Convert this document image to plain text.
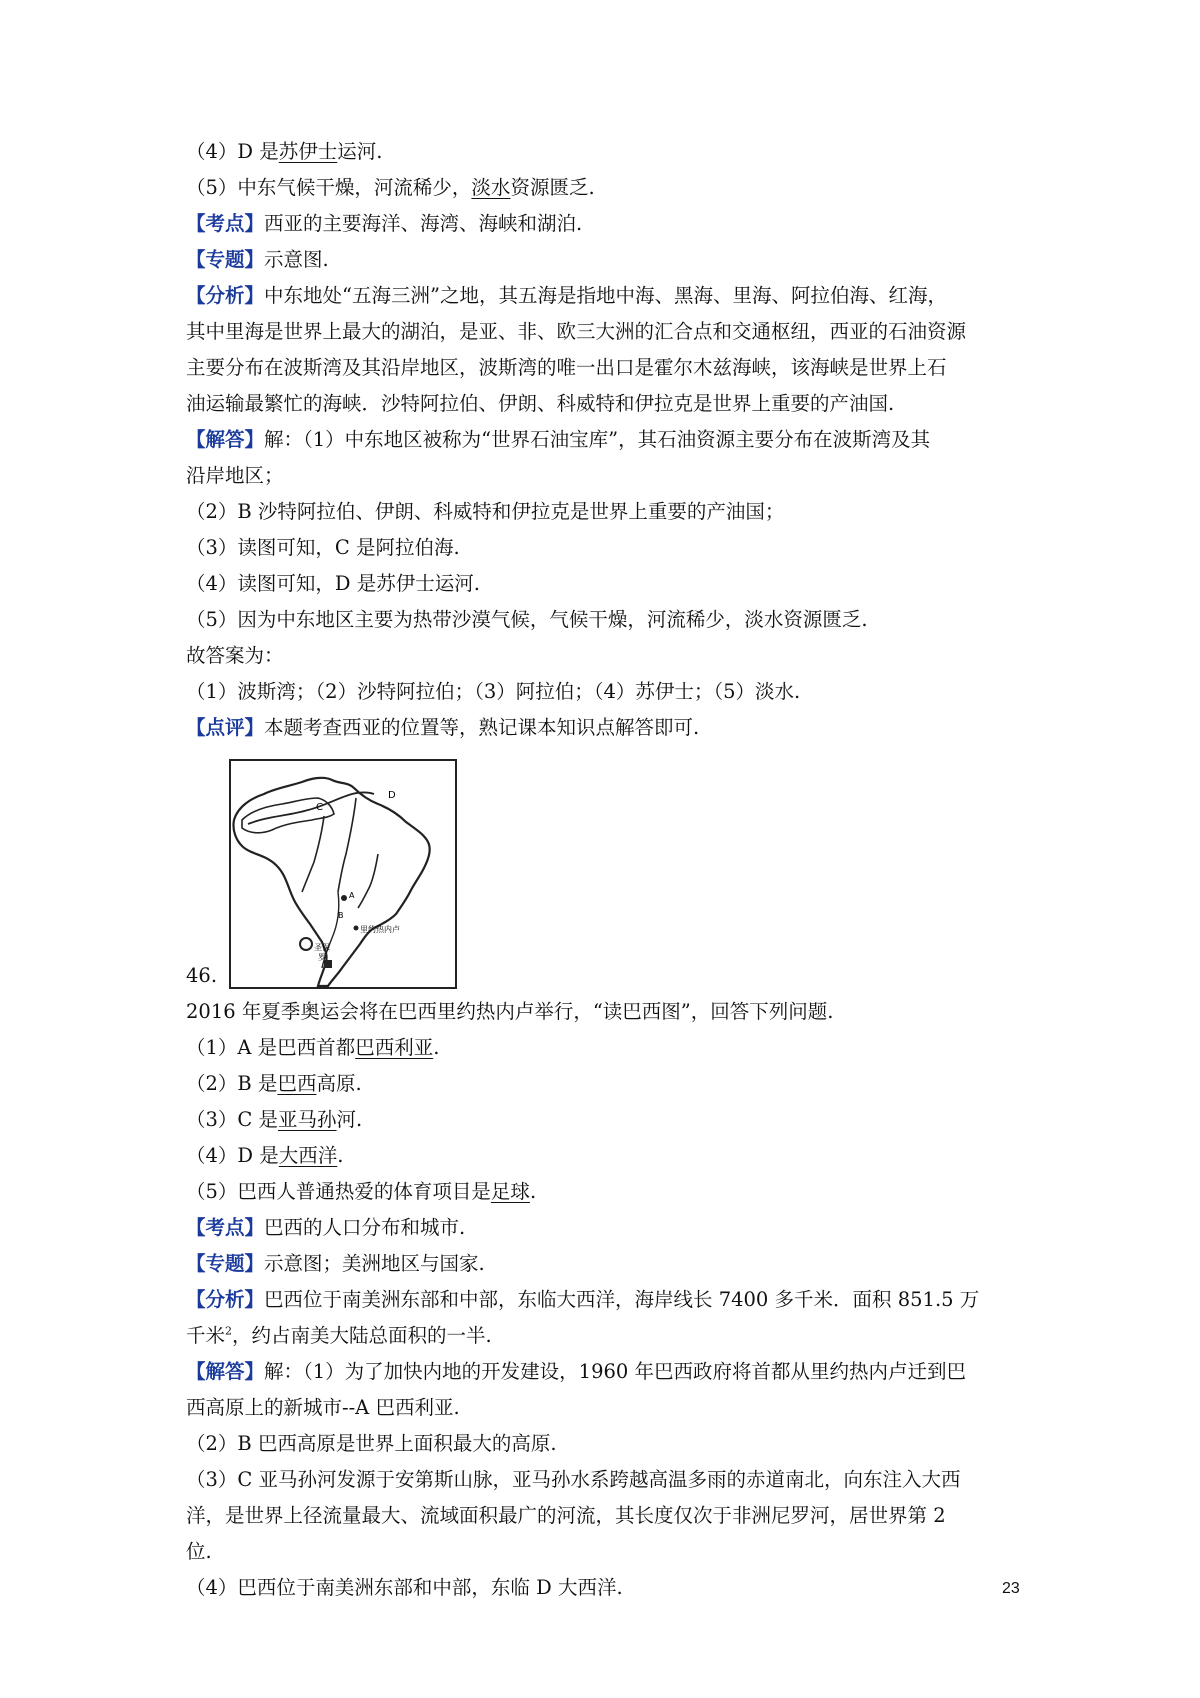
（4）D 是苏伊士运河.
（5）中东气候干燥，河流稀少，淡水资源匮乏.
【考点】西亚的主要海洋、海湾、海峡和湖泊.
【专题】示意图.
【分析】中东地处“五海三洲”之地，其五海是指地中海、黑海、里海、阿拉伯海、红海，
其中里海是世界上最大的湖泊，是亚、非、欧三大洲的汇合点和交通枢纽，西亚的石油资源
主要分布在波斯湾及其沿岸地区，波斯湾的唯一出口是霍尔木兹海峡，该海峡是世界上石
油运输最繁忙的海峡．沙特阿拉伯、伊朗、科威特和伊拉克是世界上重要的产油国.
【解答】解：（1）中东地区被称为“世界石油宝库”，其石油资源主要分布在波斯湾及其
沿岸地区；
（2）B 沙特阿拉伯、伊朗、科威特和伊拉克是世界上重要的产油国；
（3）读图可知，C 是阿拉伯海.
（4）读图可知，D 是苏伊士运河.
（5）因为中东地区主要为热带沙漠气候，气候干燥，河流稀少，淡水资源匮乏.
故答案为：
（1）波斯湾；（2）沙特阿拉伯；（3）阿拉伯；（4）苏伊士；（5）淡水.
【点评】本题考查西亚的位置等，熟记课本知识点解答即可.
C
D
A
B
里约热内卢
圣保
罗
46.
2016 年夏季奥运会将在巴西里约热内卢举行，“读巴西图”，回答下列问题.
（1）A 是巴西首都巴西利亚.
（2）B 是巴西高原.
（3）C 是亚马孙河.
（4）D 是大西洋.
（5）巴西人普通热爱的体育项目是足球.
【考点】巴西的人口分布和城市.
【专题】示意图；美洲地区与国家.
【分析】巴西位于南美洲东部和中部，东临大西洋，海岸线长 7400 多千米．面积 851.5 万
千米$^2$，约占南美大陆总面积的一半.
【解答】解：（1）为了加快内地的开发建设，1960 年巴西政府将首都从里约热内卢迁到巴
西高原上的新城市--A 巴西利亚.
（2）B 巴西高原是世界上面积最大的高原.
（3）C 亚马孙河发源于安第斯山脉，亚马孙水系跨越高温多雨的赤道南北，向东注入大西
洋，是世界上径流量最大、流域面积最广的河流，其长度仅次于非洲尼罗河，居世界第 2
位.
（4）巴西位于南美洲东部和中部，东临 D 大西洋.	23
